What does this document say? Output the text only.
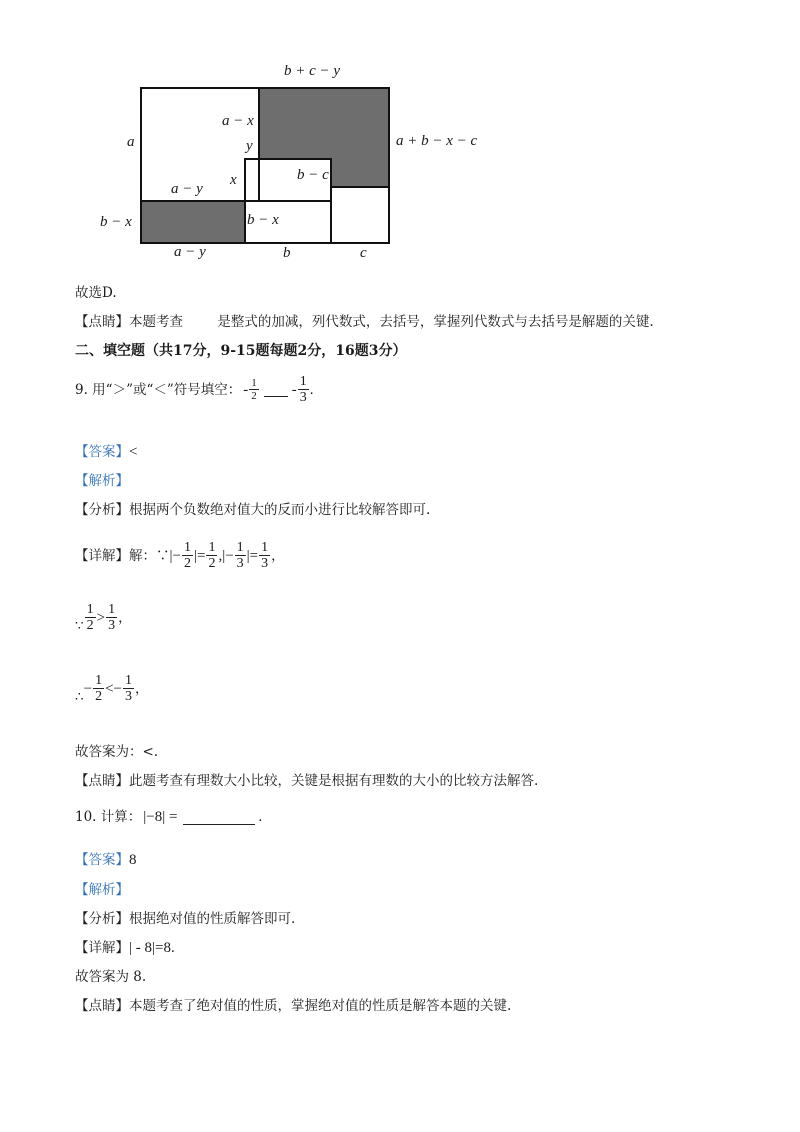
b + c − y
a
a − x
y
x
a − y
b − c
a + b − x − c
b − x	b − x
a − y	b	c
故选D.
【点睛】本题考查        是整式的加减，列代数式，去括号，掌握列代数式与去括号是解题的关键.
二、填空题（共17分，9-15题每题2分，16题3分）
9. 用“＞”或“＜”符号填空： - $\frac{1}{2} - \frac{1}{3}$ .
【答案】<
【解析】
【分析】根据两个负数绝对值大的反而小进行比较解答即可.
【详解】 解：∵ |− $\frac{1}{2}$ |= $\frac{1}{2}$ ,|− $\frac{1}{3}$ |= $\frac{1}{3}$ ，
∵ $\frac{1}{2} > \frac{1}{3}$ ，
∴
− $\frac{1}{2}$ < − $\frac{1}{3}$ ，
故答案为：<.
【点睛】此题考查有理数大小比较，关键是根据有理数的大小的比较方法解答.
10. 计算： |−8| =	.
【答案】8
【解析】
【分析】根据绝对值的性质解答即可.
【详解】| - 8|=8.
故答案为 8.
【点睛】本题考查了绝对值的性质，掌握绝对值的性质是解答本题的关键.
